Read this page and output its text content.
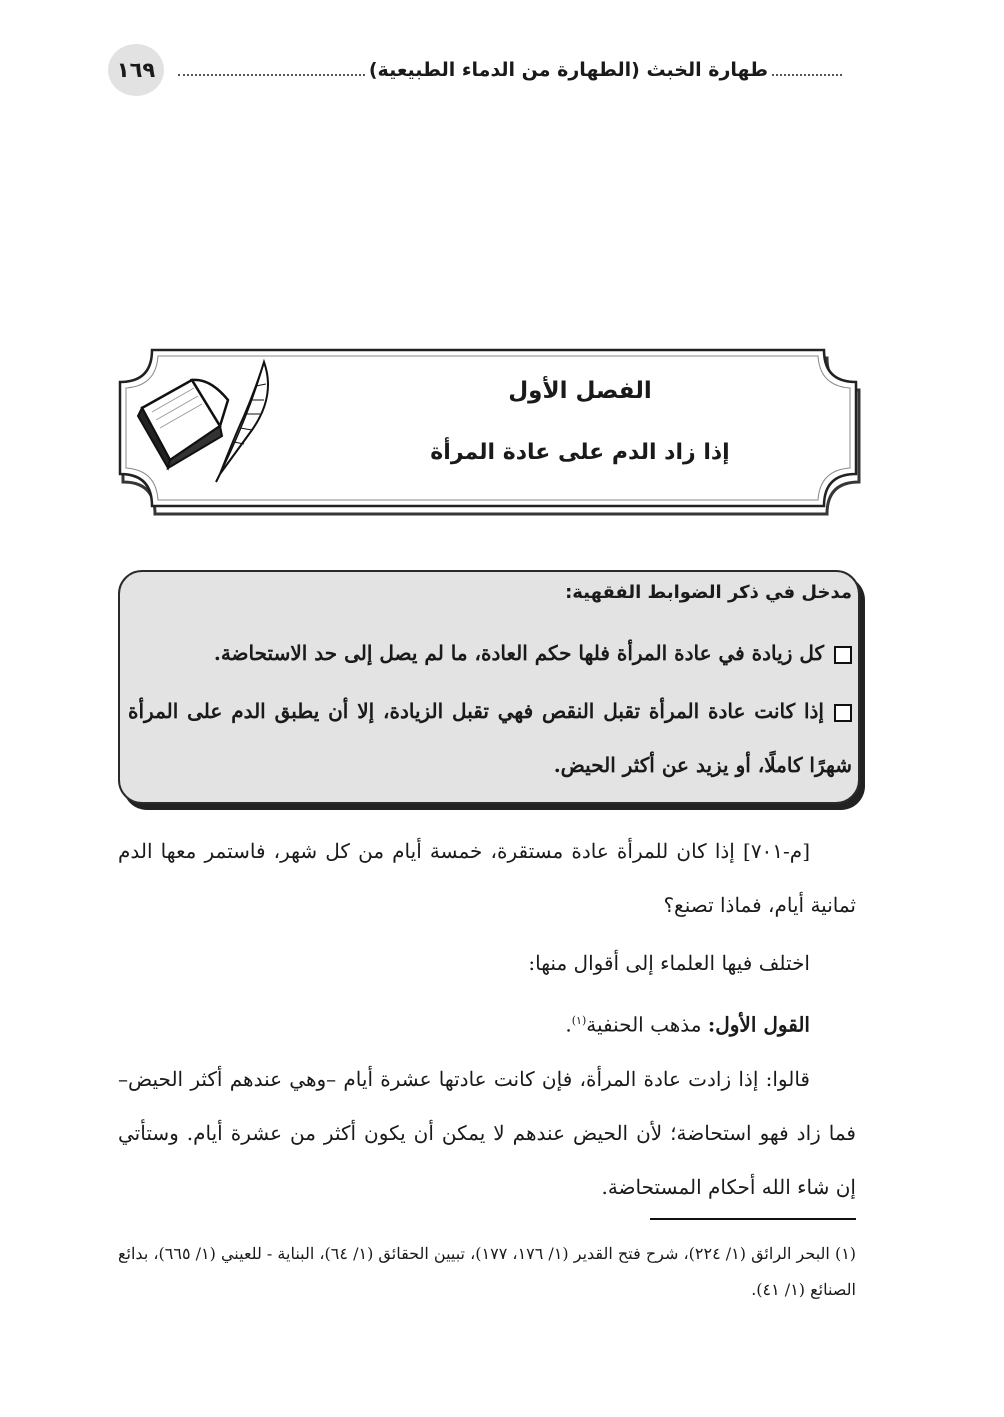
١٦٩	طهارة الخبث (الطهارة من الدماء الطبيعية)
الفصل الأول
إذا زاد الدم على عادة المرأة
مدخل في ذكر الضوابط الفقهية:
كل زيادة في عادة المرأة فلها حكم العادة، ما لم يصل إلى حد الاستحاضة.
إذا كانت عادة المرأة تقبل النقص فهي تقبل الزيادة، إلا أن يطبق الدم على المرأة شهرًا كاملًا، أو يزيد عن أكثر الحيض.
[م-٧٠١] إذا كان للمرأة عادة مستقرة، خمسة أيام من كل شهر، فاستمر معها الدم ثمانية أيام، فماذا تصنع؟
اختلف فيها العلماء إلى أقوال منها:
القول الأول: مذهب الحنفية$^{(١)}$.
قالوا: إذا زادت عادة المرأة، فإن كانت عادتها عشرة أيام –وهي عندهم أكثر الحيض– فما زاد فهو استحاضة؛ لأن الحيض عندهم لا يمكن أن يكون أكثر من عشرة أيام. وستأتي إن شاء الله أحكام المستحاضة.
(١) البحر الرائق (١/ ٢٢٤)، شرح فتح القدير (١/ ١٧٦، ١٧٧)، تبيين الحقائق (١/ ٦٤)، البناية - للعيني (١/ ٦٦٥)، بدائع الصنائع (١/ ٤١).
